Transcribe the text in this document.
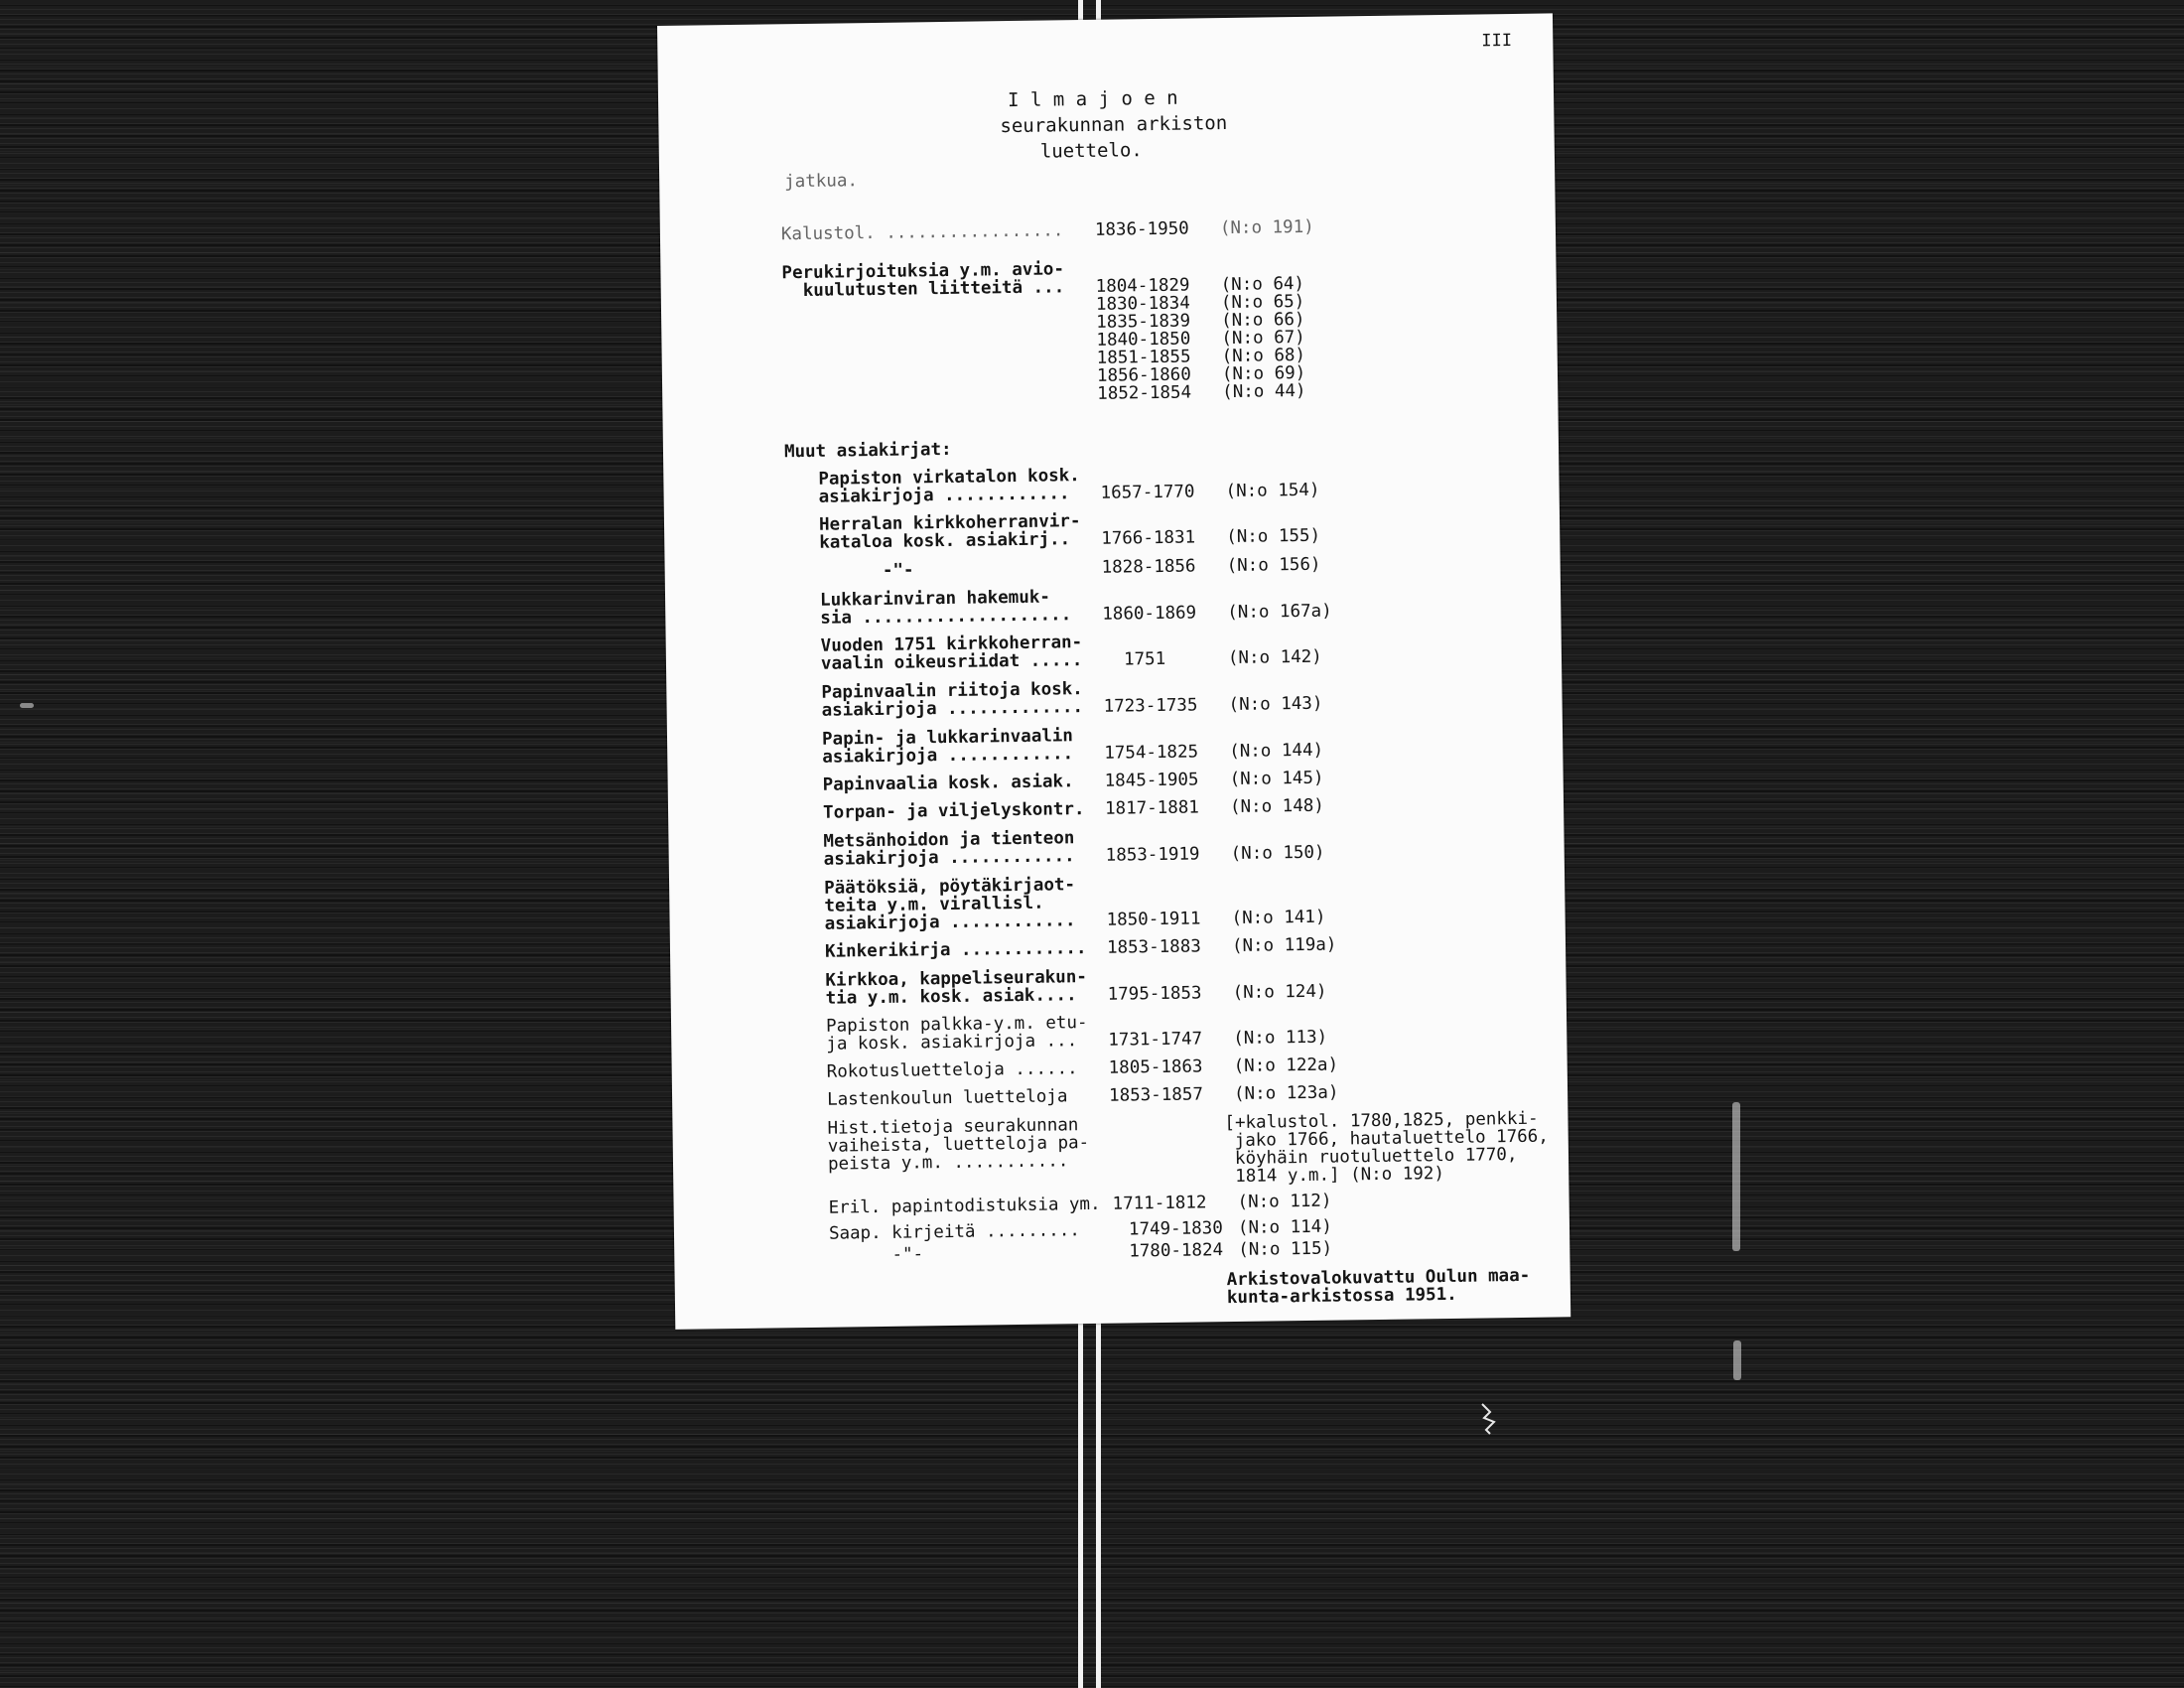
III
I l m a j o e n
seurakunnan arkiston
luettelo.
jatkua.
Kalustol. ................. 1836-1950 (N:o 191)
Perukirjoituksia y.m. avio-
kuulutusten liitteitä ... 1804-1829 (N:o 64)
1830-1834 (N:o 65)
1835-1839 (N:o 66)
1840-1850 (N:o 67)
1851-1855 (N:o 68)
1856-1860 (N:o 69)
1852-1854 (N:o 44)
Muut asiakirjat:
Papiston virkatalon kosk.
asiakirjoja ............ 1657-1770 (N:o 154)
Herralan kirkkoherranvir-
kataloa kosk. asiakirj.. 1766-1831 (N:o 155)
-"-	1828-1856 (N:o 156)
Lukkarinviran hakemuk-
sia .................... 1860-1869 (N:o 167a)
Vuoden 1751 kirkkoherran-
vaalin oikeusriidat ..... 1751	(N:o 142)
Papinvaalin riitoja kosk.
asiakirjoja ............. 1723-1735 (N:o 143)
Papin- ja lukkarinvaalin
asiakirjoja ............ 1754-1825 (N:o 144)
Papinvaalia kosk. asiak. 1845-1905 (N:o 145)
Torpan- ja viljelyskontr. 1817-1881 (N:o 148)
Metsänhoidon ja tienteon
asiakirjoja ............ 1853-1919 (N:o 150)
Päätöksiä, pöytäkirjaot-
teita y.m. virallisl.
asiakirjoja ............ 1850-1911 (N:o 141)
Kinkerikirja ............ 1853-1883 (N:o 119a)
Kirkkoa, kappeliseurakun-
tia y.m. kosk. asiak.... 1795-1853 (N:o 124)
Papiston palkka-y.m. etu-
ja kosk. asiakirjoja ... 1731-1747 (N:o 113)
Rokotusluetteloja ...... 1805-1863 (N:o 122a)
Lastenkoulun luetteloja 1853-1857 (N:o 123a)
Hist.tietoja seurakunnan
vaiheista, luetteloja pa-
peista y.m. ...........
[+kalustol. 1780,1825, penkki-
jako 1766, hautaluettelo 1766,
köyhäin ruotuluettelo 1770,
1814 y.m.] (N:o 192)
Eril. papintodistuksia ym. 1711-1812 (N:o 112)
Saap. kirjeitä ......... 1749-1830 (N:o 114)
-"-	1780-1824 (N:o 115)
Arkistovalokuvattu Oulun maa-
kunta-arkistossa 1951.
